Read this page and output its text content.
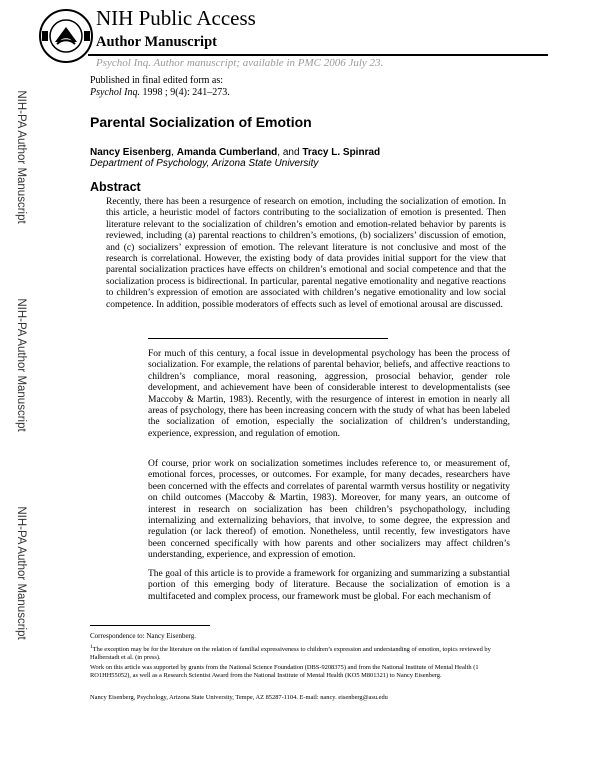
NIH Public Access
Author Manuscript
Psychol Inq. Author manuscript; available in PMC 2006 July 23.
NIH-PA Author Manuscript
NIH-PA Author Manuscript
NIH-PA Author Manuscript
Published in final edited form as:
Psychol Inq. 1998 ; 9(4): 241–273.
Parental Socialization of Emotion
Nancy Eisenberg, Amanda Cumberland, and Tracy L. Spinrad
Department of Psychology, Arizona State University
Abstract
Recently, there has been a resurgence of research on emotion, including the socialization of emotion. In this article, a heuristic model of factors contributing to the socialization of emotion is presented. Then literature relevant to the socialization of children’s emotion and emotion-related behavior by parents is reviewed, including (a) parental reactions to children’s emotions, (b) socializers’ discussion of emotion, and (c) socializers’ expression of emotion. The relevant literature is not conclusive and most of the research is correlational. However, the existing body of data provides initial support for the view that parental socialization practices have effects on children’s emotional and social competence and that the socialization process is bidirectional. In particular, parental negative emotionality and negative reactions to children’s expression of emotion are associated with children’s negative emotionality and low social competence. In addition, possible moderators of effects such as level of emotional arousal are discussed.

For much of this century, a focal issue in developmental psychology has been the process of socialization. For example, the relations of parental behavior, beliefs, and affective reactions to children’s compliance, moral reasoning, aggression, prosocial behavior, gender role development, and achievement have been of considerable interest to developmentalists (see Maccoby & Martin, 1983). Recently, with the resurgence of interest in emotion in nearly all areas of psychology, there has been increasing concern with the study of what has been labeled the socialization of emotion, especially the socialization of children’s understanding, experience, expression, and regulation of emotion.

Of course, prior work on socialization sometimes includes reference to, or measurement of, emotional forces, processes, or outcomes. For example, for many decades, researchers have been concerned with the effects and correlates of parental warmth versus hostility or negativity on child outcomes (Maccoby & Martin, 1983). Moreover, for many years, an outcome of interest in research on socialization has been children’s psychopathology, including internalizing and externalizing behaviors, that involve, to some degree, the expression and regulation (or lack thereof) of emotion. Nonetheless, until recently, few investigators have been concerned specifically with how parents and other socializers may affect children’s understanding, experience, and expression of emotion.

The goal of this article is to provide a framework for organizing and summarizing a substantial portion of this emerging body of literature. Because the socialization of emotion is a multifaceted and complex process, our framework must be global. For each mechanism of

Correspondence to: Nancy Eisenberg.

$^1$The exception may be for the literature on the relation of familial expressiveness to children’s expression and understanding of emotion, topics reviewed by Halberstadt et al. (in press).

Work on this article was supported by grants from the National Science Foundation (DBS-9208375) and from the National Institute of Mental Health (1 RO1HH55052), as well as a Research Scientist Award from the National Institute of Mental Health (KO5 M801321) to Nancy Eisenberg.

Nancy Eisenberg, Psychology, Arizona State University, Tempe, AZ 85287-1104. E-mail: nancy. eisenberg@asu.edu
